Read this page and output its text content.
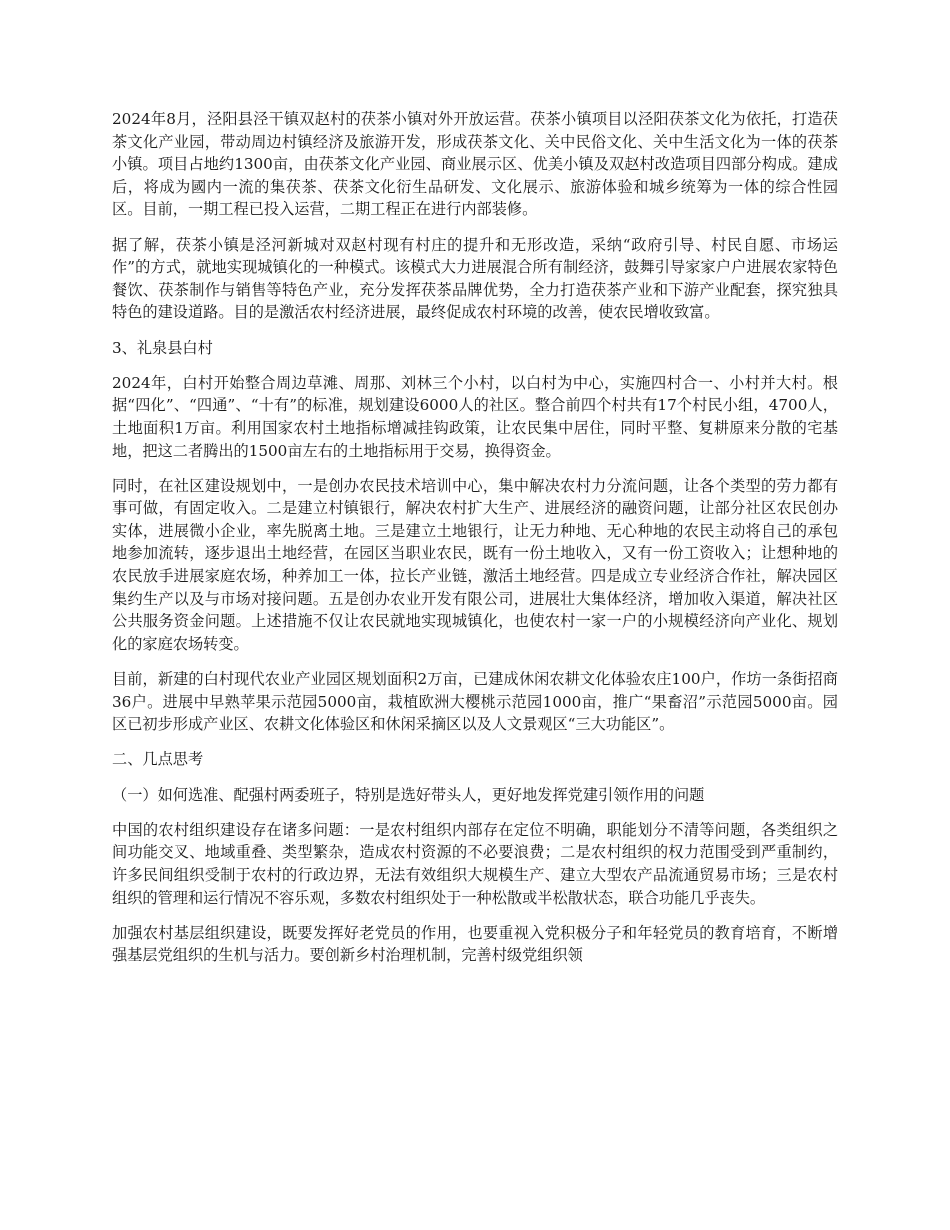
2024年8月，泾阳县泾干镇双赵村的茯茶小镇对外开放运营。茯茶小镇项目以泾阳茯茶文化为依托，打造茯茶文化产业园，带动周边村镇经济及旅游开发，形成茯茶文化、关中民俗文化、关中生活文化为一体的茯茶小镇。项目占地约1300亩，由茯茶文化产业园、商业展示区、优美小镇及双赵村改造项目四部分构成。建成后，将成为國内一流的集茯茶、茯茶文化衍生品研发、文化展示、旅游体验和城乡统筹为一体的综合性园区。目前，一期工程已投入运营，二期工程正在进行内部装修。

据了解，茯茶小镇是泾河新城对双赵村现有村庄的提升和无形改造，采纳“政府引导、村民自愿、市场运作”的方式，就地实现城镇化的一种模式。该模式大力进展混合所有制经济，鼓舞引导家家户户进展农家特色餐饮、茯茶制作与销售等特色产业，充分发挥茯茶品牌优势，全力打造茯茶产业和下游产业配套，探究独具特色的建设道路。目的是激活农村经济进展，最终促成农村环境的改善，使农民增收致富。

3、礼泉县白村

2024年，白村开始整合周边草滩、周那、刘林三个小村，以白村为中心，实施四村合一、小村并大村。根据“四化”、“四通”、“十有”的标准，规划建设6000人的社区。整合前四个村共有17个村民小组，4700人，土地面积1万亩。利用国家农村土地指标增减挂钩政策，让农民集中居住，同时平整、复耕原来分散的宅基地，把这二者腾出的1500亩左右的土地指标用于交易，换得资金。

同时，在社区建设规划中，一是创办农民技术培训中心，集中解决农村力分流问题，让各个类型的劳力都有事可做，有固定收入。二是建立村镇银行，解决农村扩大生产、进展经济的融资问题，让部分社区农民创办实体，进展微小企业，率先脱离土地。三是建立土地银行，让无力种地、无心种地的农民主动将自己的承包地参加流转，逐步退出土地经营，在园区当职业农民，既有一份土地收入，又有一份工资收入；让想种地的农民放手进展家庭农场，种养加工一体，拉长产业链，激活土地经营。四是成立专业经济合作社，解决园区集约生产以及与市场对接问题。五是创办农业开发有限公司，进展壮大集体经济，增加收入渠道，解决社区公共服务资金问题。上述措施不仅让农民就地实现城镇化，也使农村一家一户的小规模经济向产业化、规划化的家庭农场转变。

目前，新建的白村现代农业产业园区规划面积2万亩，已建成休闲农耕文化体验农庄100户，作坊一条街招商36户。进展中早熟苹果示范园5000亩，栽植欧洲大樱桃示范园1000亩，推广“果畜沼”示范园5000亩。园区已初步形成产业区、农耕文化体验区和休闲采摘区以及人文景观区“三大功能区”。

二、几点思考

（一）如何选准、配强村两委班子，特别是选好带头人，更好地发挥党建引领作用的问题

中国的农村组织建设存在诸多问题：一是农村组织内部存在定位不明确，职能划分不清等问题，各类组织之间功能交叉、地域重叠、类型繁杂，造成农村资源的不必要浪费；二是农村组织的权力范围受到严重制约，许多民间组织受制于农村的行政边界，无法有效组织大规模生产、建立大型农产品流通贸易市场；三是农村组织的管理和运行情况不容乐观，多数农村组织处于一种松散或半松散状态，联合功能几乎丧失。

加强农村基层组织建设，既要发挥好老党员的作用，也要重视入党积极分子和年轻党员的教育培育，不断增强基层党组织的生机与活力。要创新乡村治理机制，完善村级党组织领
